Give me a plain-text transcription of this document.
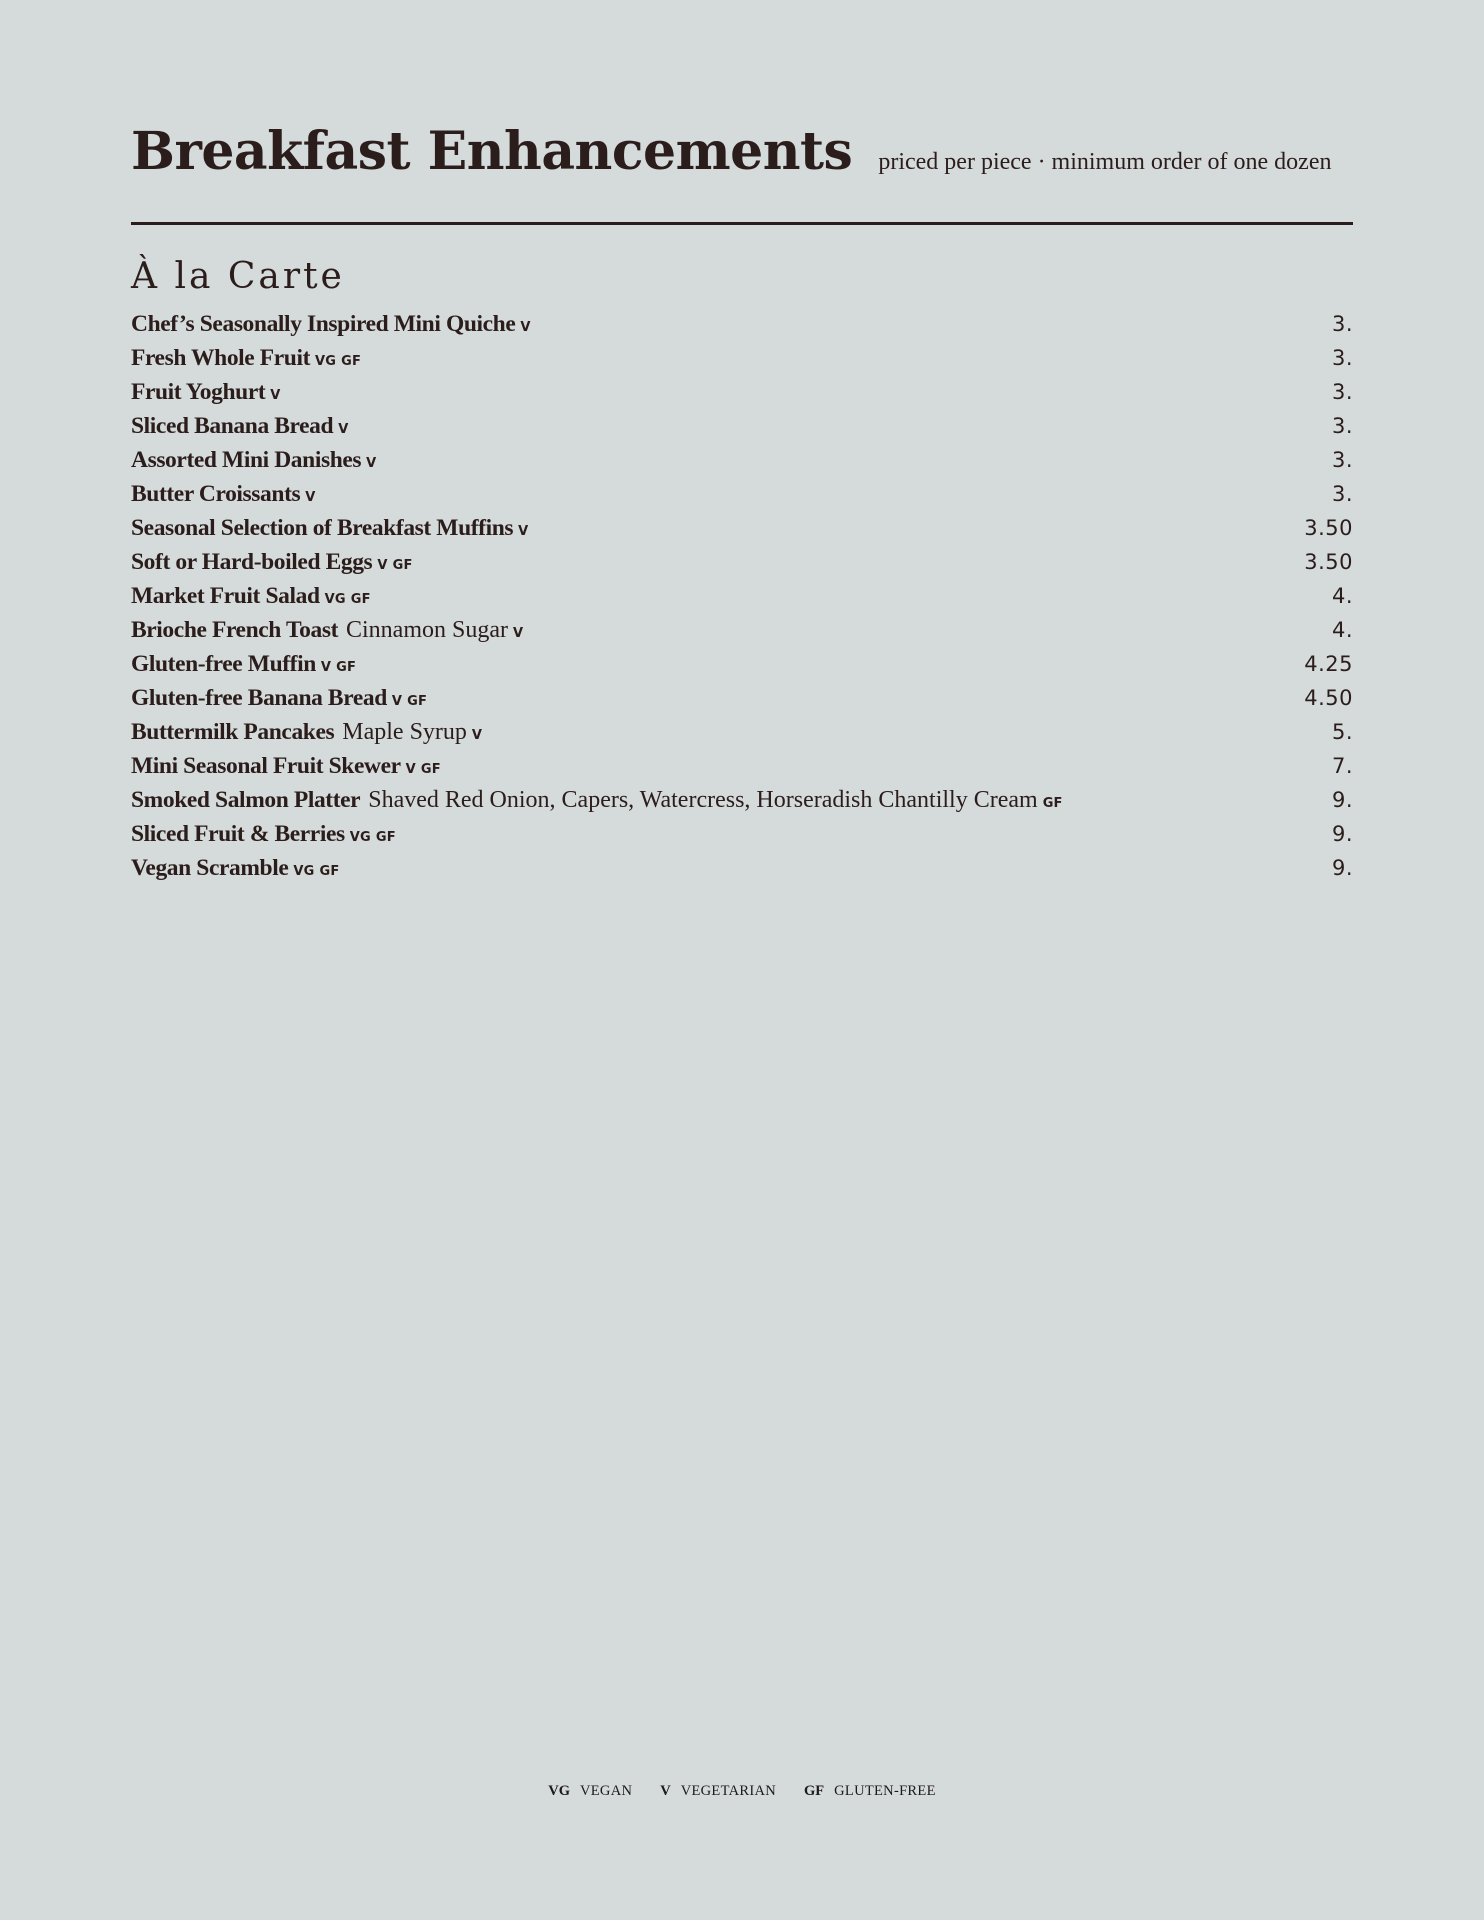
Breakfast Enhancements priced per piece · minimum order of one dozen
À la Carte
Chef’s Seasonally Inspired Mini Quiche V	3.
Fresh Whole Fruit VG GF	3.
Fruit Yoghurt V	3.
Sliced Banana Bread V	3.
Assorted Mini Danishes V	3.
Butter Croissants V	3.
Seasonal Selection of Breakfast Muffins V	3.50
Soft or Hard-boiled Eggs V GF	3.50
Market Fruit Salad VG GF	4.
Brioche French Toast Cinnamon Sugar V	4.
Gluten-free Muffin V GF	4.25
Gluten-free Banana Bread V GF	4.50
Buttermilk Pancakes Maple Syrup V	5.
Mini Seasonal Fruit Skewer V GF	7.
Smoked Salmon Platter Shaved Red Onion, Capers, Watercress, Horseradish Chantilly Cream GF	9.
Sliced Fruit & Berries VG GF	9.
Vegan Scramble VG GF	9.
VG VEGAN V VEGETARIAN GF GLUTEN-FREE
